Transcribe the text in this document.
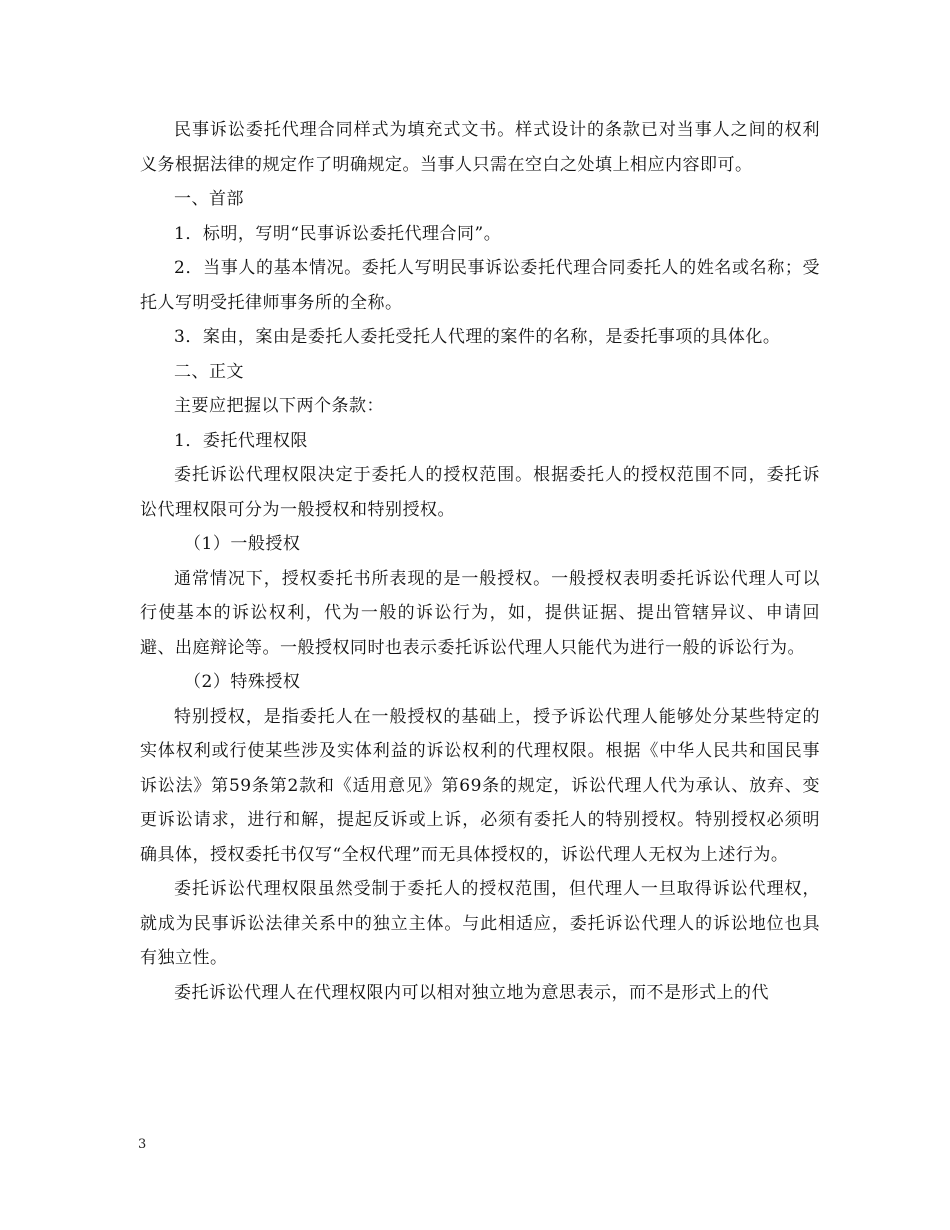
民事诉讼委托代理合同样式为填充式文书。样式设计的条款已对当事人之间的权利义务根据法律的规定作了明确规定。当事人只需在空白之处填上相应内容即可。

一、首部

1．标明，写明“民事诉讼委托代理合同”。

2．当事人的基本情况。委托人写明民事诉讼委托代理合同委托人的姓名或名称；受托人写明受托律师事务所的全称。

3．案由，案由是委托人委托受托人代理的案件的名称，是委托事项的具体化。

二、正文

主要应把握以下两个条款：

1．委托代理权限

委托诉讼代理权限决定于委托人的授权范围。根据委托人的授权范围不同，委托诉讼代理权限可分为一般授权和特别授权。

（1）一般授权

通常情况下，授权委托书所表现的是一般授权。一般授权表明委托诉讼代理人可以行使基本的诉讼权利，代为一般的诉讼行为，如，提供证据、提出管辖异议、申请回避、出庭辩论等。一般授权同时也表示委托诉讼代理人只能代为进行一般的诉讼行为。

（2）特殊授权

特别授权，是指委托人在一般授权的基础上，授予诉讼代理人能够处分某些特定的实体权利或行使某些涉及实体利益的诉讼权利的代理权限。根据《中华人民共和国民事诉讼法》第59条第2款和《适用意见》第69条的规定，诉讼代理人代为承认、放弃、变更诉讼请求，进行和解，提起反诉或上诉，必须有委托人的特别授权。特别授权必须明确具体，授权委托书仅写“全权代理”而无具体授权的，诉讼代理人无权为上述行为。

委托诉讼代理权限虽然受制于委托人的授权范围，但代理人一旦取得诉讼代理权，就成为民事诉讼法律关系中的独立主体。与此相适应，委托诉讼代理人的诉讼地位也具有独立性。

委托诉讼代理人在代理权限内可以相对独立地为意思表示，而不是形式上的代

3
